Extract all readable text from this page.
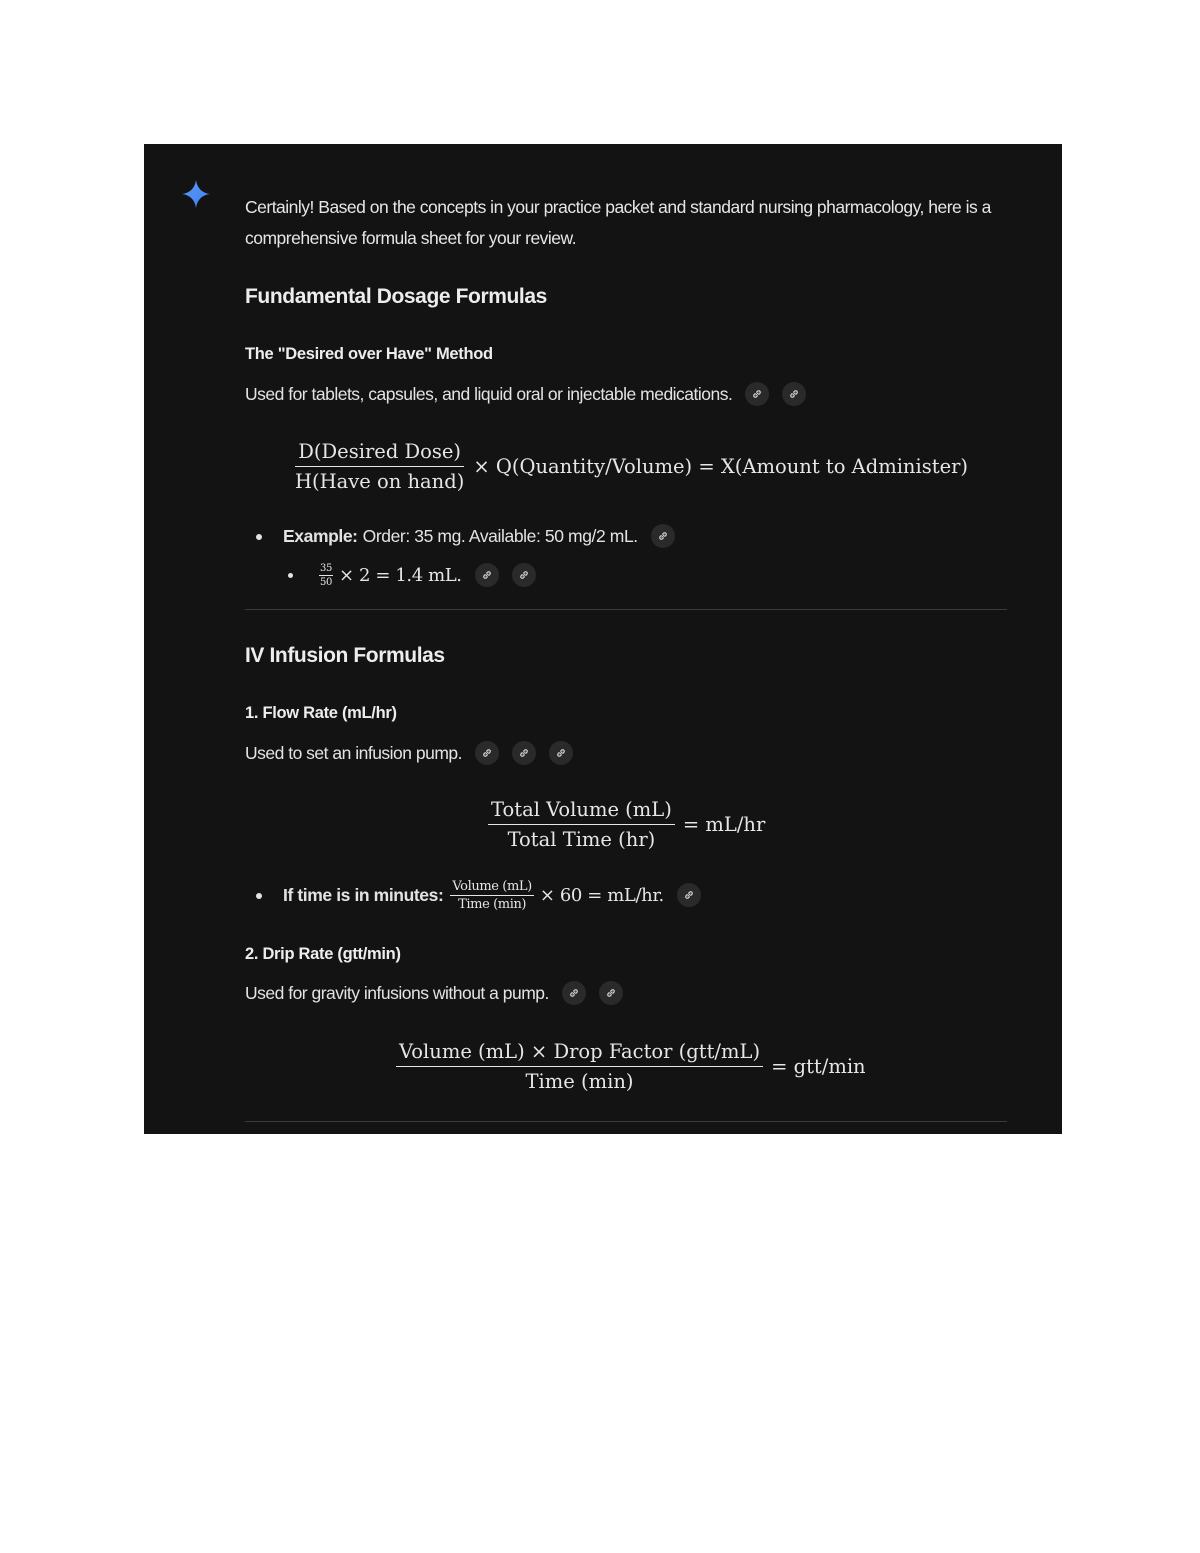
Certainly! Based on the concepts in your practice packet and standard nursing pharmacology, here is a comprehensive formula sheet for your review.
Fundamental Dosage Formulas
The "Desired over Have" Method
Used for tablets, capsules, and liquid oral or injectable medications.
$\frac{\text{D(Desired Dose)}}{\text{H(Have on hand)}}$ × Q(Quantity/Volume) = X(Amount to Administer)
Example: Order: 35 mg. Available: 50 mg/2 mL.
$\frac{35}{50} \times 2 = 1.4$ mL.
IV Infusion Formulas
1. Flow Rate (mL/hr)
Used to set an infusion pump.
$\frac{\text{Total Volume (mL)}}{\text{Total Time (hr)}} = mL/hr$
If time is in minutes: $\frac{\text{Volume (mL)}}{\text{Time (min)}} \times 60 = mL/hr$.
2. Drip Rate (gtt/min)
Used for gravity infusions without a pump.
$\frac{\text{Volume (mL) × Drop Factor (gtt/mL)}}{\text{Time (min)}} = gtt/\min$
